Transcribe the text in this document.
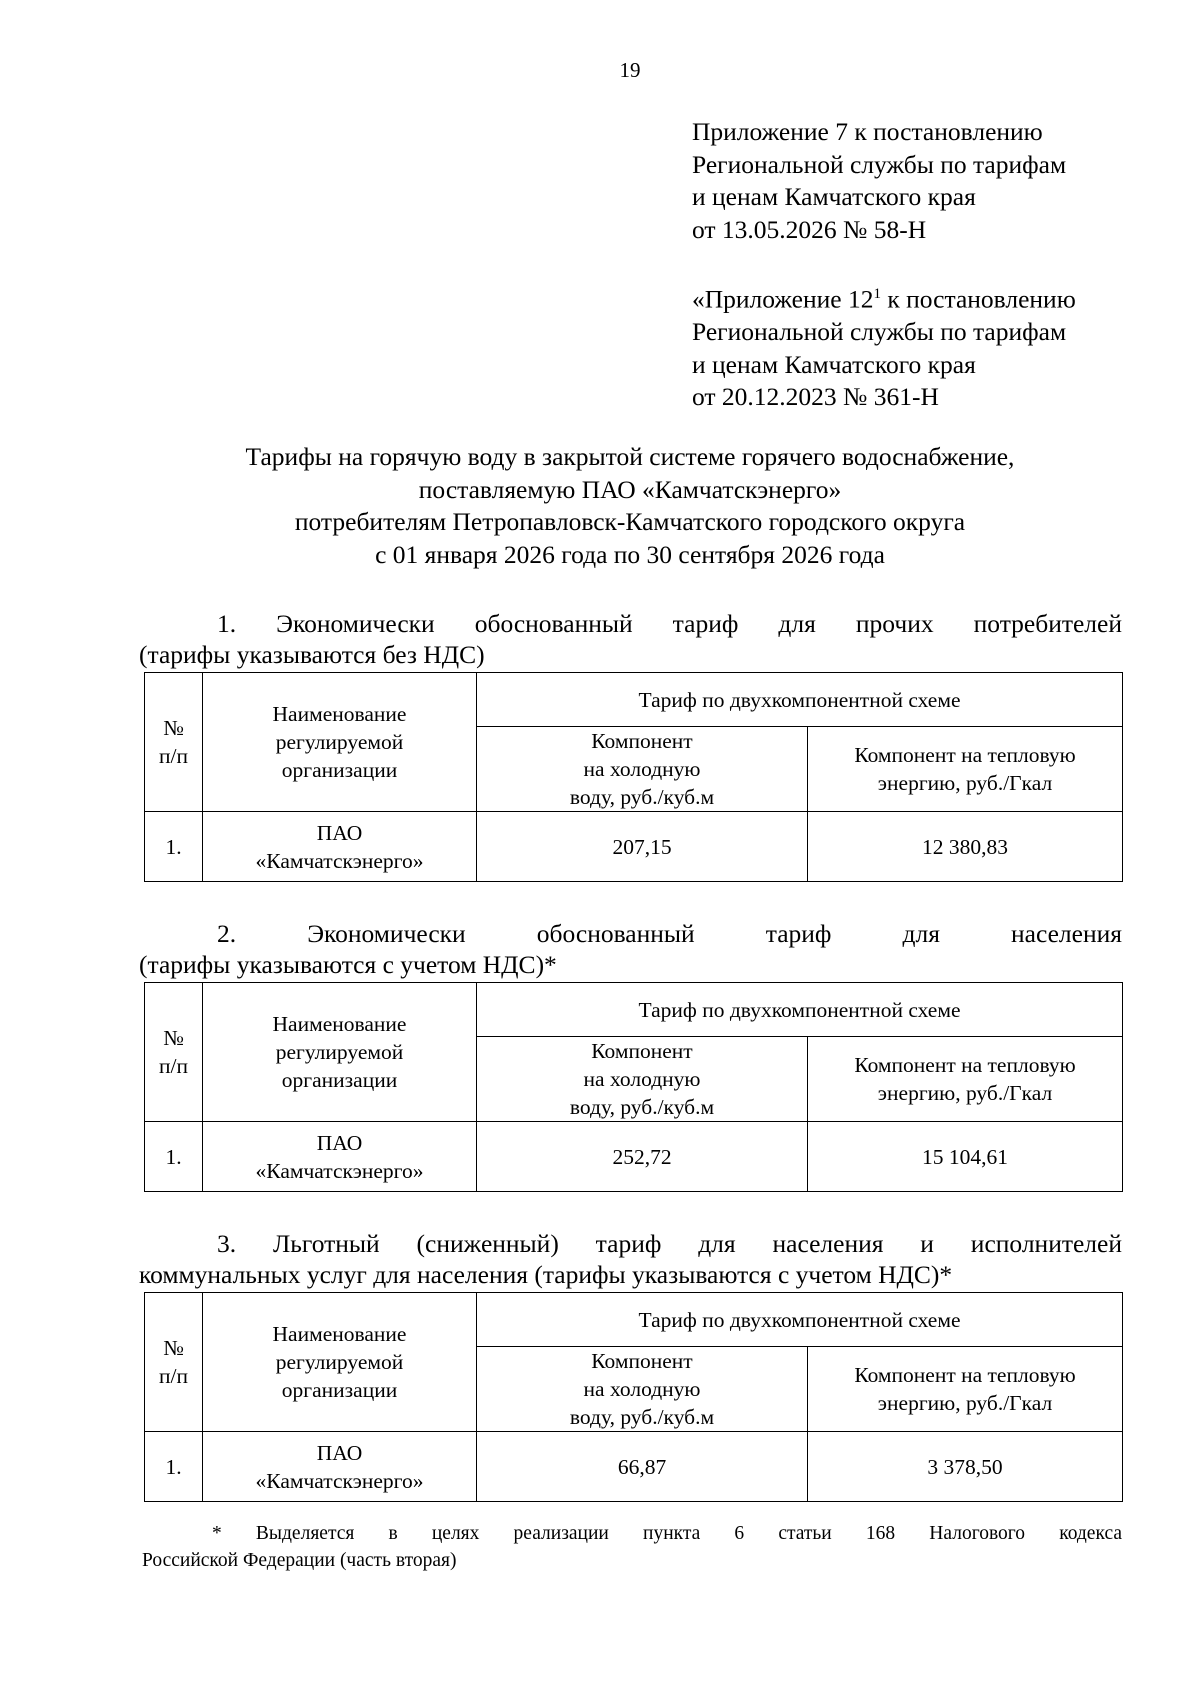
19

Приложение 7 к постановлению

Региональной службы по тарифам

и ценам Камчатского края

от 13.05.2026 № 58-Н

«Приложение $12^1$ к постановлению

Региональной службы по тарифам

и ценам Камчатского края

от 20.12.2023 № 361-Н

Тарифы на горячую воду в закрытой системе горячего водоснабжение,

поставляемую ПАО «Камчатскэнерго»

потребителям Петропавловск-Камчатского городского округа

с 01 января 2026 года по 30 сентября 2026 года

1. Экономически обоснованный тариф для прочих потребителей

(тарифы указываются без НДС)

№
п/п	Наименование
регулируемой
организации	Тариф по двухкомпонентной схеме	
		Компонент
на холодную
воду, руб./куб.м	Компонент на тепловую
энергию, руб./Гкал
1.	ПАО
«Камчатскэнерго»	207,15	12 380,83

2. Экономически обоснованный тариф для населения

(тарифы указываются с учетом НДС)*

№
п/п	Наименование
регулируемой
организации	Тариф по двухкомпонентной схеме	
		Компонент
на холодную
воду, руб./куб.м	Компонент на тепловую
энергию, руб./Гкал
1.	ПАО
«Камчатскэнерго»	252,72	15 104,61

3. Льготный (сниженный) тариф для населения и исполнителей

коммунальных услуг для населения (тарифы указываются с учетом НДС)*

№
п/п	Наименование
регулируемой
организации	Тариф по двухкомпонентной схеме	
		Компонент
на холодную
воду, руб./куб.м	Компонент на тепловую
энергию, руб./Гкал
1.	ПАО
«Камчатскэнерго»	66,87	3 378,50

* Выделяется в целях реализации пункта 6 статьи 168 Налогового кодекса

Российской Федерации (часть вторая)
